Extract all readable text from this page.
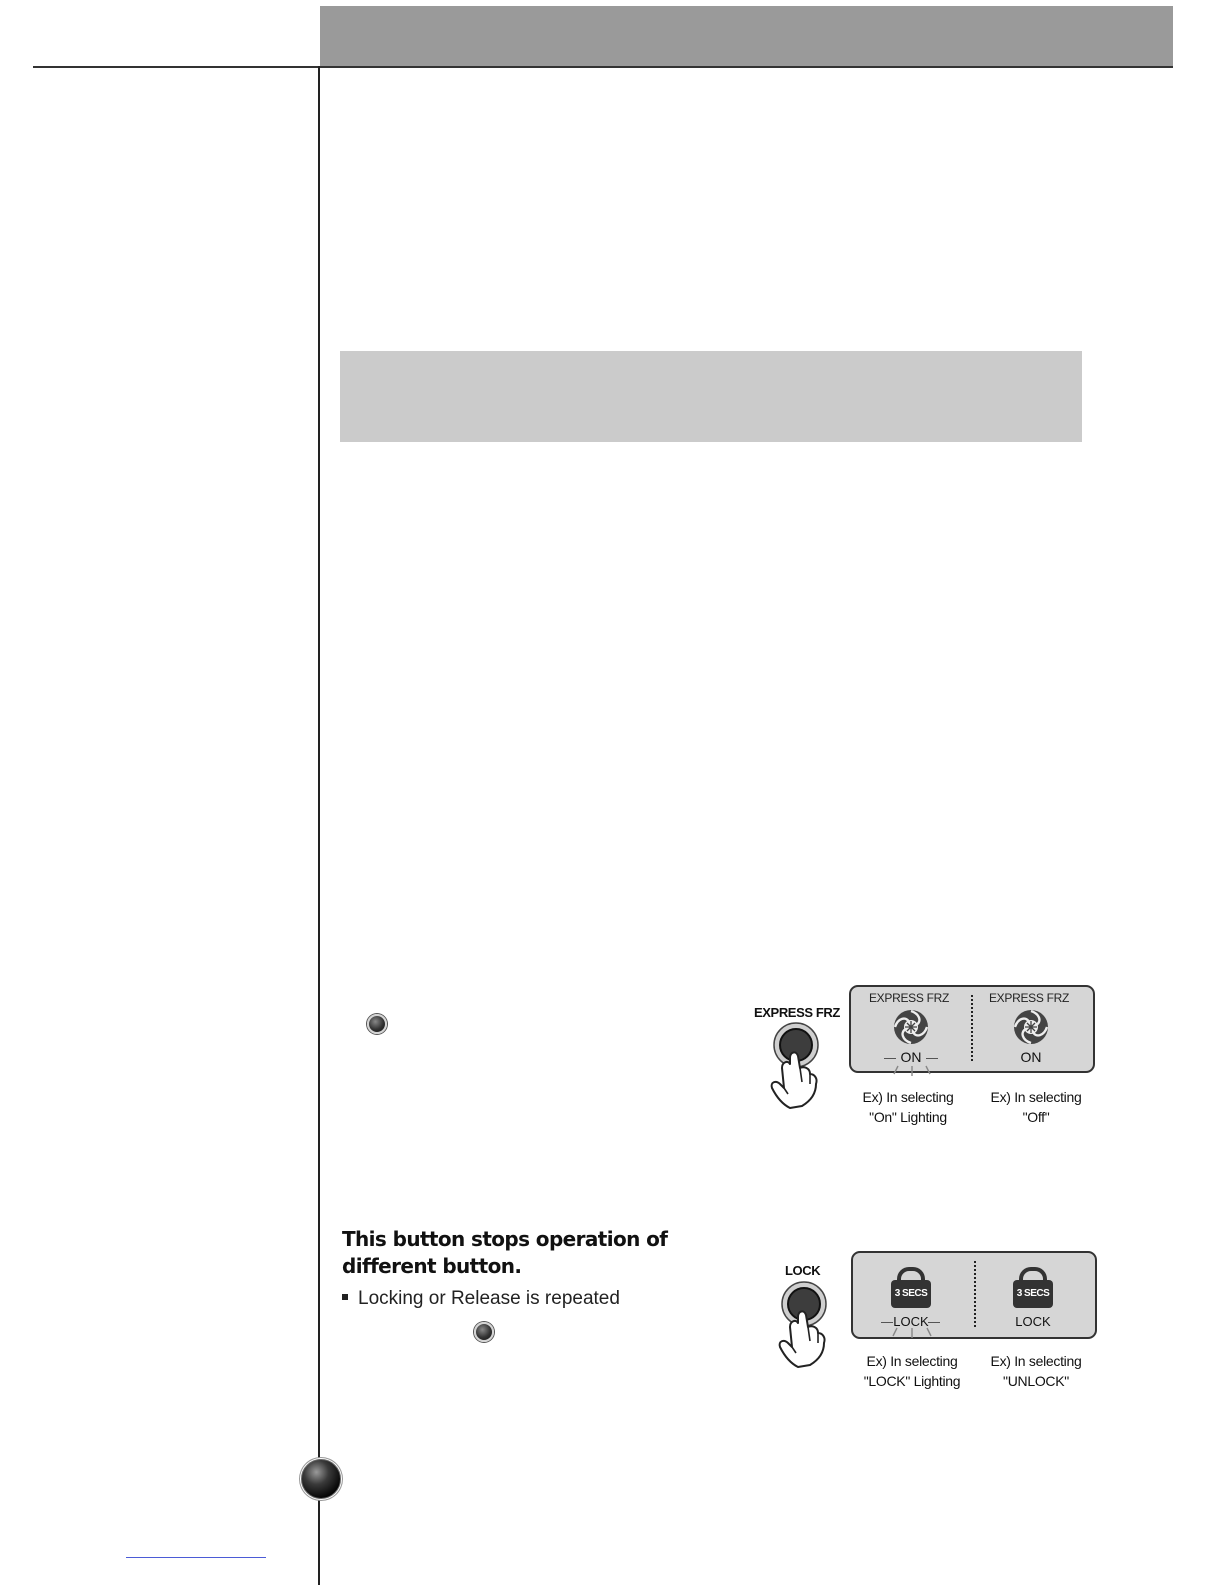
EXPRESS FRZ
EXPRESS FRZ	EXPRESS FRZ
ON	ON
Ex) In selecting
"On" Lighting
Ex) In selecting
"Off"
This button stops operation of different button.
Locking or Release is repeated
LOCK
3 SECS	3 SECS
LOCK	LOCK
Ex) In selecting
"LOCK" Lighting
Ex) In selecting
"UNLOCK"
